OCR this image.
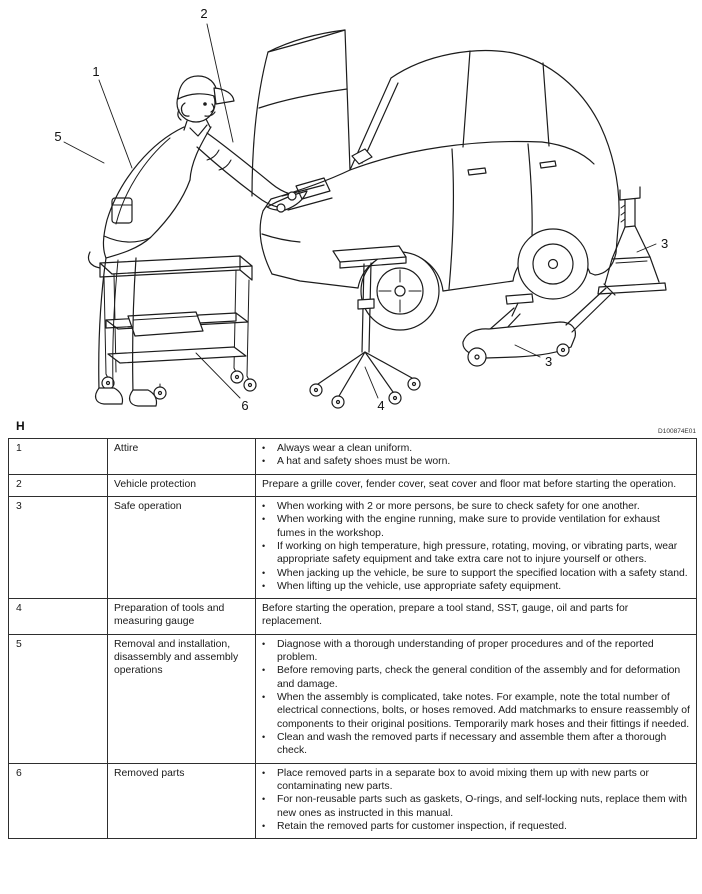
2
1
5
3
3
4
6
H	D100874E01
1	Attire	• Always wear a clean uniform.
• A hat and safety shoes must be worn.

2	Vehicle protection	Prepare a grille cover, fender cover, seat cover and floor mat before starting the operation.

3	Safe operation	•	When working with 2 or more persons, be sure to check safety for one another.
•	When working with the engine running, make sure to provide ventilation for exhaust fumes in the workshop.
•	If working on high temperature, high pressure, rotating, moving, or vibrating parts, wear appropriate safety equipment and take extra care not to injure yourself or others.
•	When jacking up the vehicle, be sure to support the specified location with a safety stand.
•	When lifting up the vehicle, use appropriate safety equipment.

4	Preparation of tools and measuring gauge	Before starting the operation, prepare a tool stand, SST, gauge, oil and parts for replacement.

5	Removal and installation, disassembly and assembly operations	
•	Diagnose with a thorough understanding of proper procedures and of the reported problem.
•	Before removing parts, check the general condition of the assembly and for deformation and damage.
•	When the assembly is complicated, take notes. For example, note the total number of electrical connections, bolts, or hoses removed. Add matchmarks to ensure reassembly of components to their original positions. Temporarily mark hoses and their fittings if needed.
•	Clean and wash the removed parts if necessary and assemble them after a thorough check.

6	Removed parts	•	Place removed parts in a separate box to avoid mixing them up with new parts or contaminating new parts.
•	For non-reusable parts such as gaskets, O-rings, and self-locking nuts, replace them with new ones as instructed in this manual.
•	Retain the removed parts for customer inspection, if requested.
